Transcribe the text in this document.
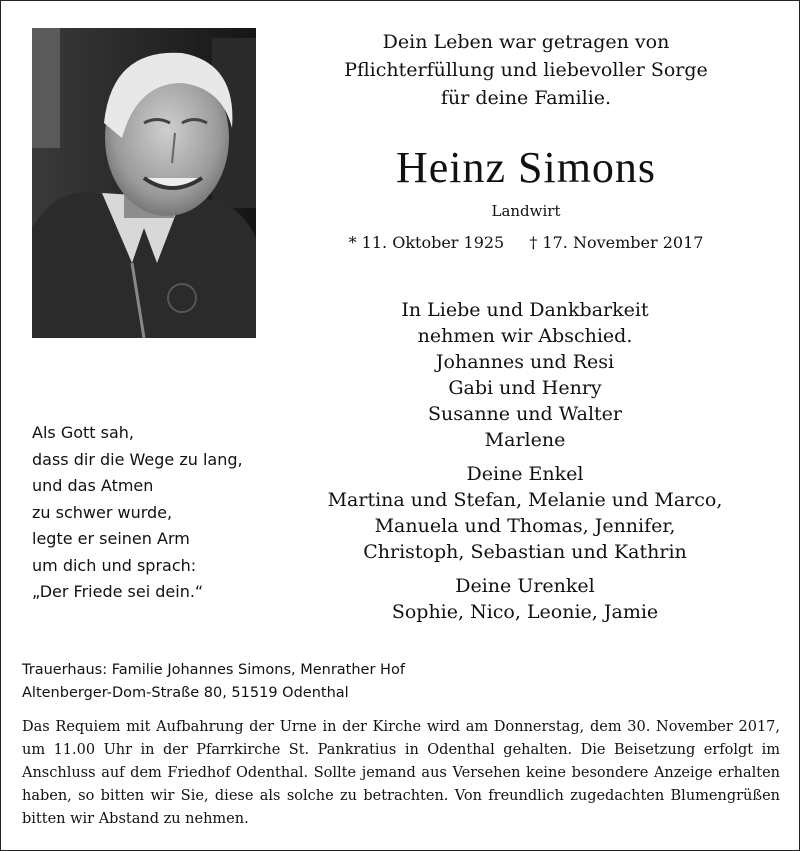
Dein Leben war getragen von
Pflichterfüllung und liebevoller Sorge
für deine Familie.
Heinz Simons
Landwirt
* 11. Oktober 1925 † 17. November 2017
In Liebe und Dankbarkeit
nehmen wir Abschied.
Johannes und Resi
Gabi und Henry
Susanne und Walter
Marlene
Deine Enkel
Martina und Stefan, Melanie und Marco,
Manuela und Thomas, Jennifer,
Christoph, Sebastian und Kathrin
Deine Urenkel
Sophie, Nico, Leonie, Jamie
Als Gott sah,
dass dir die Wege zu lang,
und das Atmen
zu schwer wurde,
legte er seinen Arm
um dich und sprach:
„Der Friede sei dein.“
Trauerhaus: Familie Johannes Simons, Menrather Hof
Altenberger-Dom-Straße 80, 51519 Odenthal
Das Requiem mit Aufbahrung der Urne in der Kirche wird am Donnerstag, dem 30. November 2017, um 11.00 Uhr in der Pfarrkirche St. Pankratius in Odenthal gehalten. Die Beisetzung erfolgt im Anschluss auf dem Friedhof Odenthal. Sollte jemand aus Versehen keine besondere Anzeige erhalten haben, so bitten wir Sie, diese als solche zu betrachten. Von freundlich zugedachten Blumengrüßen bitten wir Abstand zu nehmen.
